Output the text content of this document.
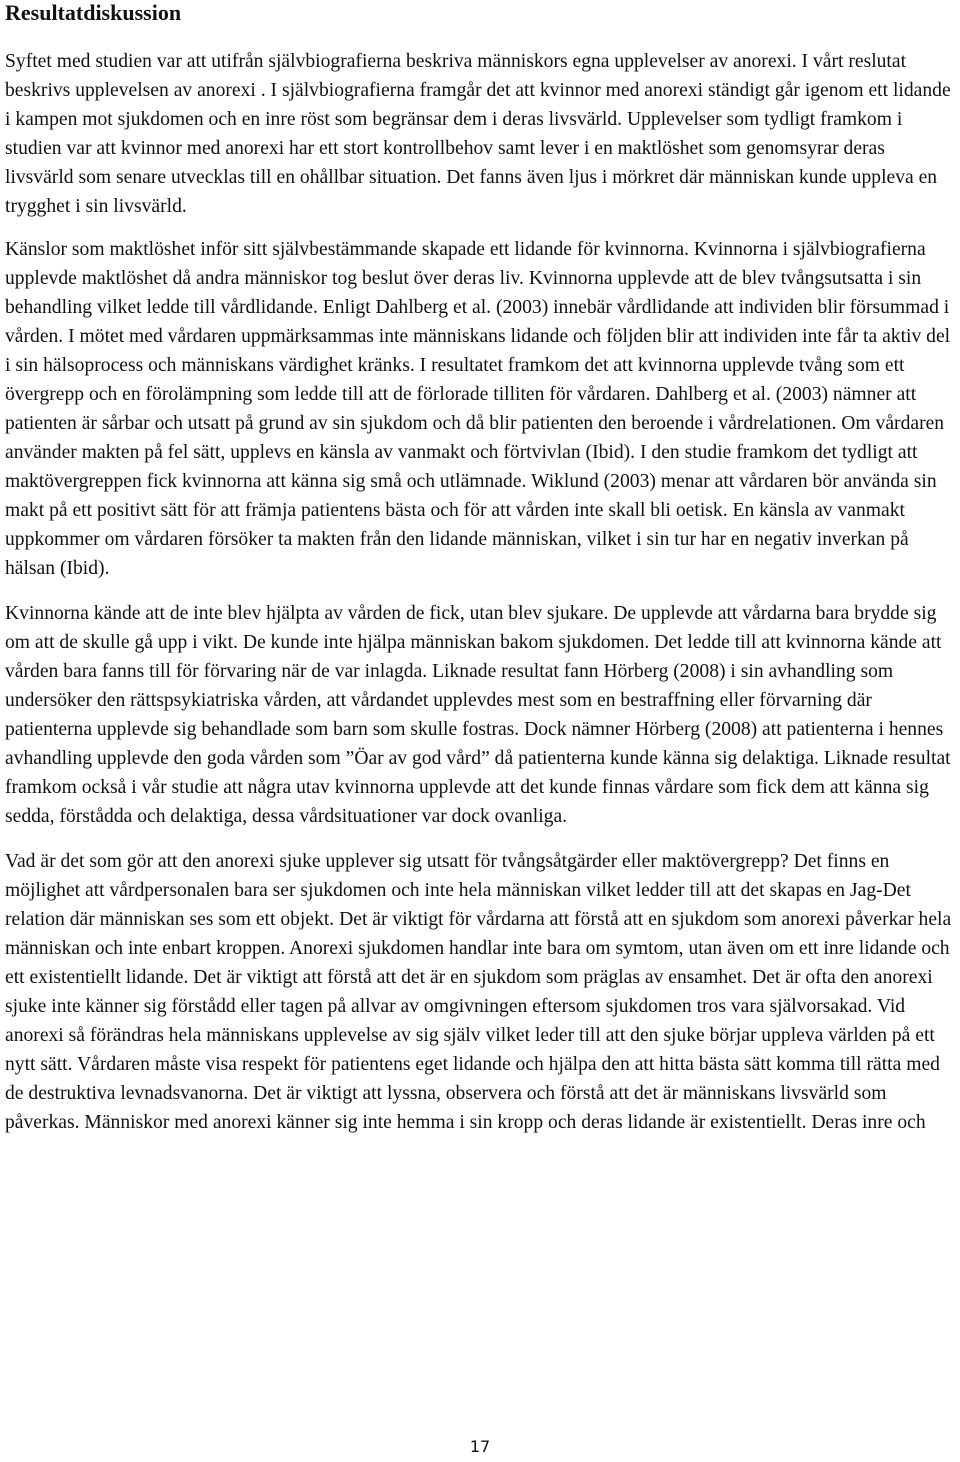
Resultatdiskussion

Syftet med studien var att utifrån självbiografierna beskriva människors egna upplevelser av anorexi. I vårt reslutat beskrivs upplevelsen av anorexi . I självbiografierna framgår det att kvinnor med anorexi ständigt går igenom ett lidande i kampen mot sjukdomen och en inre röst som begränsar dem i deras livsvärld. Upplevelser som tydligt framkom i studien var att kvinnor med anorexi har ett stort kontrollbehov samt lever i en maktlöshet som genomsyrar deras livsvärld som senare utvecklas till en ohållbar situation. Det fanns även ljus i mörkret där människan kunde uppleva en trygghet i sin livsvärld.

Känslor som maktlöshet inför sitt självbestämmande skapade ett lidande för kvinnorna. Kvinnorna i självbiografierna upplevde maktlöshet då andra människor tog beslut över deras liv. Kvinnorna upplevde att de blev tvångsutsatta i sin behandling vilket ledde till vårdlidande. Enligt Dahlberg et al. (2003) innebär vårdlidande att individen blir försummad i vården. I mötet med vårdaren uppmärksammas inte människans lidande och följden blir att individen inte får ta aktiv del i sin hälsoprocess och människans värdighet kränks. I resultatet framkom det att kvinnorna upplevde tvång som ett övergrepp och en förolämpning som ledde till att de förlorade tilliten för vårdaren. Dahlberg et al. (2003) nämner att patienten är sårbar och utsatt på grund av sin sjukdom och då blir patienten den beroende i vårdrelationen. Om vårdaren använder makten på fel sätt, upplevs en känsla av vanmakt och förtvivlan (Ibid). I den studie framkom det tydligt att maktövergreppen fick kvinnorna att känna sig små och utlämnade. Wiklund (2003) menar att vårdaren bör använda sin makt på ett positivt sätt för att främja patientens bästa och för att vården inte skall bli oetisk. En känsla av vanmakt uppkommer om vårdaren försöker ta makten från den lidande människan, vilket i sin tur har en negativ inverkan på hälsan (Ibid).

Kvinnorna kände att de inte blev hjälpta av vården de fick, utan blev sjukare. De upplevde att vårdarna bara brydde sig om att de skulle gå upp i vikt. De kunde inte hjälpa människan bakom sjukdomen. Det ledde till att kvinnorna kände att vården bara fanns till för förvaring när de var inlagda. Liknade resultat fann Hörberg (2008) i sin avhandling som undersöker den rättspsykiatriska vården, att vårdandet upplevdes mest som en bestraffning eller förvarning där patienterna upplevde sig behandlade som barn som skulle fostras. Dock nämner Hörberg (2008) att patienterna i hennes avhandling upplevde den goda vården som ”Öar av god vård” då patienterna kunde känna sig delaktiga. Liknade resultat framkom också i vår studie att några utav kvinnorna upplevde att det kunde finnas vårdare som fick dem att känna sig sedda, förstådda och delaktiga, dessa vårdsituationer var dock ovanliga.

Vad är det som gör att den anorexi sjuke upplever sig utsatt för tvångsåtgärder eller maktövergrepp? Det finns en möjlighet att vårdpersonalen bara ser sjukdomen och inte hela människan vilket ledder till att det skapas en Jag-Det relation där människan ses som ett objekt. Det är viktigt för vårdarna att förstå att en sjukdom som anorexi påverkar hela människan och inte enbart kroppen. Anorexi sjukdomen handlar inte bara om symtom, utan även om ett inre lidande och ett existentiellt lidande. Det är viktigt att förstå att det är en sjukdom som präglas av ensamhet. Det är ofta den anorexi sjuke inte känner sig förstådd eller tagen på allvar av omgivningen eftersom sjukdomen tros vara självorsakad. Vid anorexi så förändras hela människans upplevelse av sig själv vilket leder till att den sjuke börjar uppleva världen på ett nytt sätt. Vårdaren måste visa respekt för patientens eget lidande och hjälpa den att hitta bästa sätt komma till rätta med de destruktiva levnadsvanorna. Det är viktigt att lyssna, observera och förstå att det är människans livsvärld som påverkas. Människor med anorexi känner sig inte hemma i sin kropp och deras lidande är existentiellt. Deras inre och

17
